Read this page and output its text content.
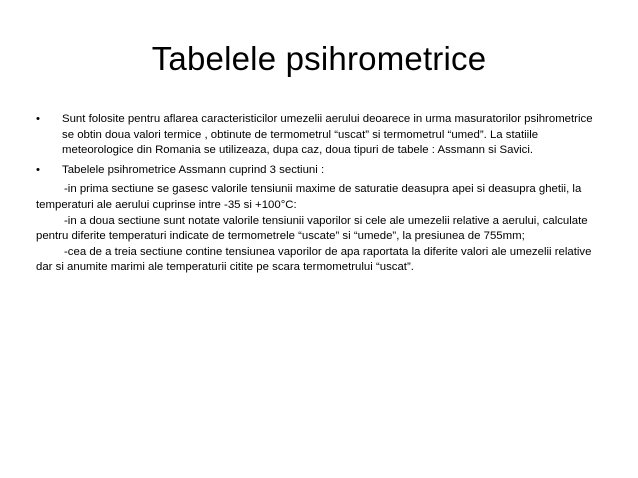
Tabelele psihrometrice
•	Sunt folosite pentru aflarea caracteristicilor umezelii aerului deoarece in urma masuratorilor psihrometrice se obtin doua valori termice , obtinute de termometrul “uscat” si termometrul “umed”. La statiile meteorologice din Romania se utilizeaza, dupa caz, doua tipuri de tabele : Assmann si Savici.
•	Tabelele psihrometrice Assmann cuprind 3 sectiuni :
-in prima sectiune se gasesc valorile tensiunii maxime de saturatie deasupra apei si deasupra ghetii, la temperaturi ale aerului cuprinse intre -35 si +100°C:
-in a doua sectiune sunt notate valorile tensiunii vaporilor si cele ale umezelii relative a aerului, calculate pentru diferite temperaturi indicate de termometrele “uscate” si “umede”, la presiunea de 755mm;
-cea de a treia sectiune contine tensiunea vaporilor de apa raportata la diferite valori ale umezelii relative dar si anumite marimi ale temperaturii citite pe scara termometrului “uscat”.
